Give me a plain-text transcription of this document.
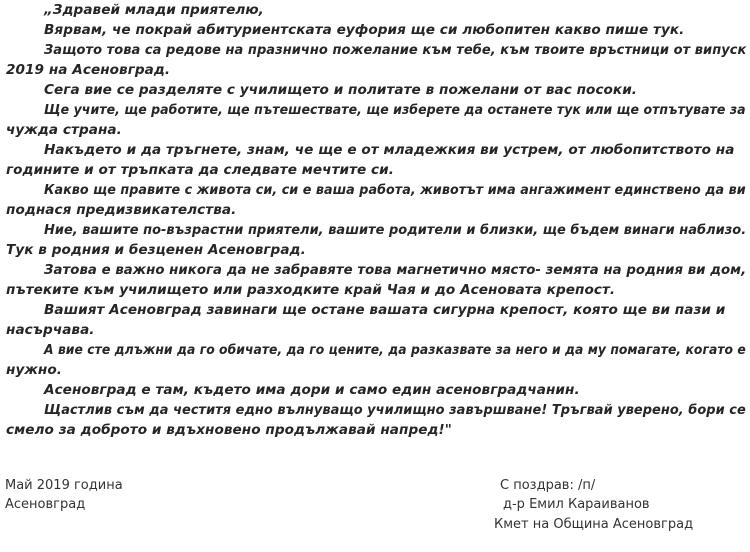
„Здравей млади приятелю,
Вярвам, че покрай абитуриентската еуфория ще си любопитен какво пише тук.
Защото това са редове на празнично пожелание към тебе, към твоите връстници от випуск
2019 на Асеновград.
Сега вие се разделяте с училището и политате в пожелани от вас посоки.
Ще учите, ще работите, ще пътешествате, ще изберете да останете тук или ще отпътувате за
чужда страна.
Накъдето и да тръгнете, знам, че ще е от младежкия ви устрем, от любопитството на
годините и от тръпката да следвате мечтите си.
Какво ще правите с живота си, си е ваша работа, животът има ангажимент единствено да ви
поднася предизвикателства.
Ние, вашите по-възрастни приятели, вашите родители и близки, ще бъдем винаги наблизо.
Тук в родния и безценен Асеновград.
Затова е важно никога да не забравяте това магнетично място- земята на родния ви дом,
пътеките към училището или разходките край Чая и до Асеновата крепост.
Вашият Асеновград завинаги ще остане вашата сигурна крепост, която ще ви пази и
насърчава.
А вие сте длъжни да го обичате, да го цените, да разказвате за него и да му помагате, когато е
нужно.
Асеновград е там, където има дори и само един асеновградчанин.
Щастлив съм да честитя едно вълнуващо училищно завършване! Тръгвай уверено, бори се
смело за доброто и вдъхновено продължавай напред!"
Май 2019 година
Асеновград
С поздрав: /п/
д-р Емил Караиванов
Кмет на Община Асеновград
